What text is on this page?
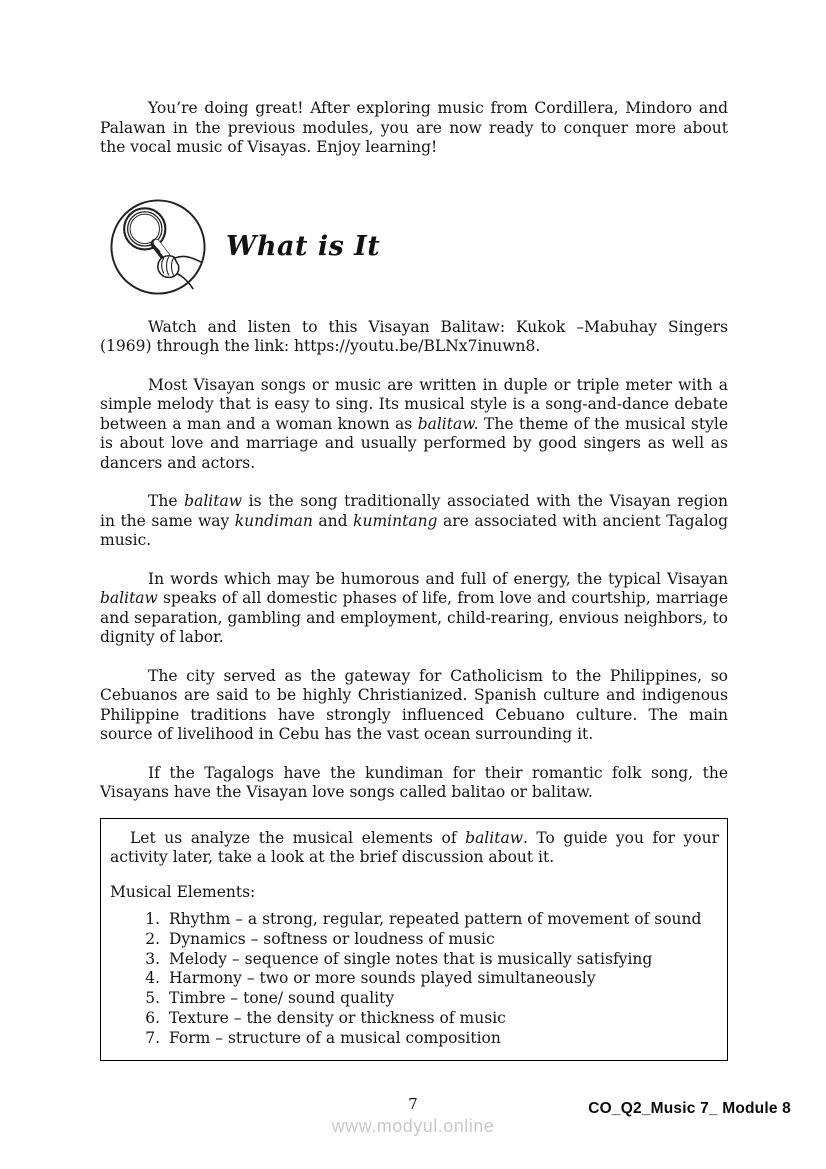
You’re doing great! After exploring music from Cordillera, Mindoro and Palawan in the previous modules, you are now ready to conquer more about the vocal music of Visayas. Enjoy learning!

What is It

Watch and listen to this Visayan Balitaw: Kukok –Mabuhay Singers (1969) through the link: https://youtu.be/BLNx7inuwn8.

Most Visayan songs or music are written in duple or triple meter with a simple melody that is easy to sing. Its musical style is a song-and-dance debate between a man and a woman known as balitaw. The theme of the musical style is about love and marriage and usually performed by good singers as well as dancers and actors.

The balitaw is the song traditionally associated with the Visayan region in the same way kundiman and kumintang are associated with ancient Tagalog music.

In words which may be humorous and full of energy, the typical Visayan balitaw speaks of all domestic phases of life, from love and courtship, marriage and separation, gambling and employment, child-rearing, envious neighbors, to dignity of labor.

The city served as the gateway for Catholicism to the Philippines, so Cebuanos are said to be highly Christianized. Spanish culture and indigenous Philippine traditions have strongly influenced Cebuano culture. The main source of livelihood in Cebu has the vast ocean surrounding it.

If the Tagalogs have the kundiman for their romantic folk song, the Visayans have the Visayan love songs called balitao or balitaw.

Let us analyze the musical elements of balitaw. To guide you for your activity later, take a look at the brief discussion about it.

Musical Elements:

1. Rhythm – a strong, regular, repeated pattern of movement of sound
2. Dynamics – softness or loudness of music
3. Melody – sequence of single notes that is musically satisfying
4. Harmony – two or more sounds played simultaneously
5. Timbre – tone/ sound quality
6. Texture – the density or thickness of music
7. Form – structure of a musical composition
7
www.modyul.online
CO_Q2_Music 7_ Module 8
